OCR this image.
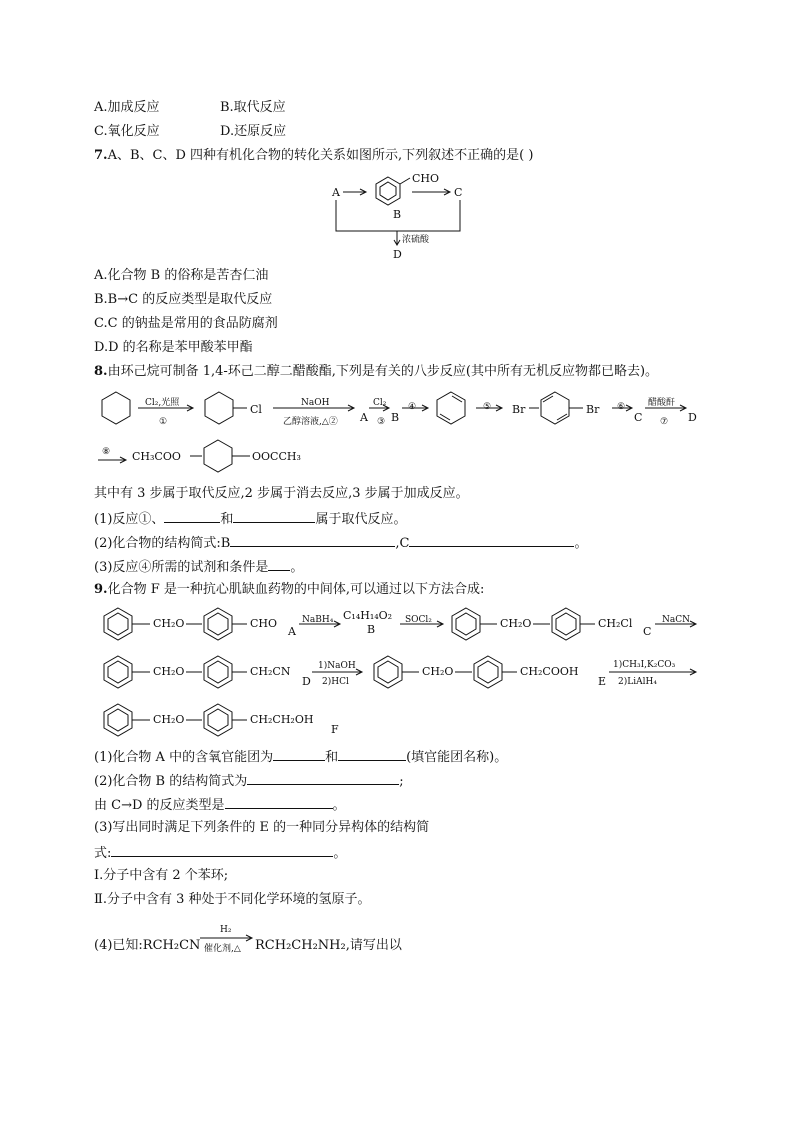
A.加成反应	B.取代反应
C.氧化反应	D.还原反应
7.A、B、C、D 四种有机化合物的转化关系如图所示,下列叙述不正确的是( )
A
CHO
B
C
浓硫酸
D
A.化合物 B 的俗称是苦杏仁油
B.B→C 的反应类型是取代反应
C.C 的钠盐是常用的食品防腐剂
D.D 的名称是苯甲酸苯甲酯
8.由环己烷可制备 1,4-环己二醇二醋酸酯,下列是有关的八步反应(其中所有无机反应物都已略去)。
Cl₂,光照
①
Cl	NaOH
乙醇溶液,△② A
Cl₂
③ B
④	⑤ Br	Br ⑥
C
醋酸酐
⑦ D
⑧ CH₃COO	OOCCH₃
其中有 3 步属于取代反应,2 步属于消去反应,3 步属于加成反应。
(1)反应①、	和	属于取代反应。
(2)化合物的结构简式:B	,C	。
(3)反应④所需的试剂和条件是 。
9.化合物 F 是一种抗心肌缺血药物的中间体,可以通过以下方法合成:
CH₂O	CHO
A
NaBH₄ C₁₄H₁₄O₂
B
SOCl₂	CH₂O	CH₂Cl
C
NaCN
CH₂O	CH₂CN
D
1)NaOH
2)HCl
CH₂O	CH₂COOH
E
1)CH₃I,K₂CO₃
2)LiAlH₄
CH₂O	CH₂CH₂OH
F
(1)化合物 A 中的含氧官能团为	和	(填官能团名称)。
(2)化合物 B 的结构简式为	;
由 C→D 的反应类型是	。
(3)写出同时满足下列条件的 E 的一种同分异构体的结构简
式:	。
Ⅰ.分子中含有 2 个苯环;
Ⅱ.分子中含有 3 种处于不同化学环境的氢原子。
(4)已知:RCH₂CN
H₂
催化剂,△ RCH₂CH₂NH₂,请写出以
